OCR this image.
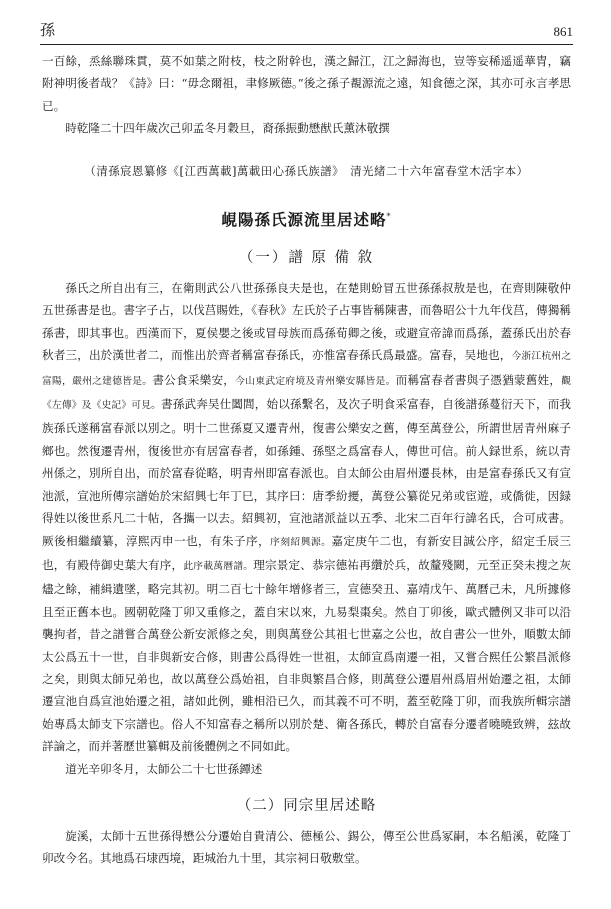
孫	861

一百餘，烝絲聯珠貫，莫不如葉之附枝，枝之附幹也，漢之歸江，江之歸海也，豈等妄稀遥遥華胄，竊附神明後者哉？《詩》曰：“毋念爾祖，聿修厥德。”後之孫子覩源流之遠，知食德之深，其亦可永言孝思已。

時乾隆二十四年歲次己卯孟冬月穀旦，裔孫振動懋猷氏薰沐敬撰

（清孫宸恩纂修《[江西萬載]萬載田心孫氏族譜》　清光緒二十六年富春堂木活字本）

峴陽孫氏源流里居述略*
（一）譜 原 備 敘

孫氏之所自出有三，在衛則武公八世孫孫良夫是也，在楚則蚡冒五世孫孫叔敖是也，在齊則陳敬仲五世孫書是也。書字子占，以伐莒賜姓，《春秋》左氏於子占事皆稱陳書，而魯昭公十九年伐莒，傳獨稱孫書，即其事也。西漢而下，夏侯嬰之後或冒母族而爲孫荀卿之後，或避宣帝諱而爲孫，蓋孫氏出於春秋者三，出於漢世者二，而惟出於齊者稱富春孫氏，亦惟富春孫氏爲最盛。富春，吴地也，今浙江杭州之富陽，嚴州之建德皆是。書公食采樂安，今山東武定府境及青州樂安縣皆是。而稱富春者書與子憑猶蒙舊姓，觀《左傳》及《史記》可見。書孫武奔吴仕闔閭，始以孫繫名，及次子明食采富春，自後譜孫蔓衍天下，而我族孫氏遂稱富春派以別之。明十二世孫夏又遷青州，復書公樂安之舊，傳至萬登公，所謂世居青州麻子鄉也。然復遷青州，復後世亦有居富春者，如孫鍾、孫堅之爲富春人，傳世可信。前人録世系，統以青州係之，別所自出，而於富春從略，明青州即富春派也。自太師公由眉州遷長林，由是富春孫氏又有宣池派，宣池所傳宗譜始於宋紹興七年丁巳，其序曰：唐季紛擾，萬登公纂從兄弟或宦遊，或僑徙，因録得姓以後世系凡二十帖，各攜一以去。紹興初，宣池諸派益以五季、北宋二百年行諱名氏，合可成書。厥後相繼續纂，淳熙丙申一也，有朱子序，序刻紹興源。嘉定庚午二也，有新安目誠公序，紹定壬辰三也，有殿侍御史葉大有序，此序載萬曆譜。理宗景定、恭宗德祐再纘於兵，故釐殘闕，元至正癸未搜之灰燼之餘，補緝遺墜，略完其初。明二百七十餘年增修者三，宣德癸丑、嘉靖戊午、萬曆己未，凡所據修且至正舊本也。國朝乾隆丁卯又重修之，蓋自宋以來，九易梨棗矣。然自丁卯後，歐式體例又非可以沿襲拘者，昔之譜嘗合萬登公新安派修之矣，則與萬登公其祖七世嘉之公也，故自書公一世外，順數太師太公爲五十一世，自非與新安合修，則書公爲得姓一世祖，太師宣爲南遷一祖，又嘗合熙任公繁昌派修之矣，則與太師兄弟也，故以萬登公爲始祖，自非與繁昌合修，則萬登公遷眉州爲眉州始遷之祖，太師遷宣池自爲宣池始遷之祖，諸如此例，雖相沿已久，而其義不可不明，蓋至乾隆丁卯，而我族所輯宗譜始專爲太師支下宗譜也。俗人不知富春之稱所以別於楚、衛各孫氏，轉於自富春分遷者曉曉致辨，玆故詳論之，而并著歷世纂輯及前後體例之不同如此。

道光辛卯冬月，太師公二十七世孫鐔述

（二）同宗里居述略

旋溪，太師十五世孫得懋公分遷始自貴清公、德極公、錫公，傳至公世爲冢嗣，本名船溪，乾隆丁卯改今名。其地爲石埭西境，距城治九十里，其宗祠日敬敷堂。
